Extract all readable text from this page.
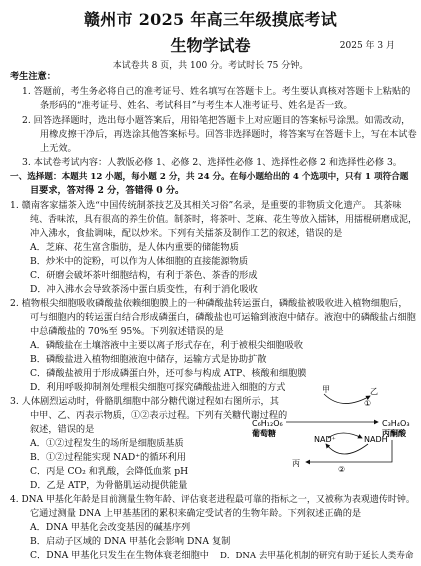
赣州市 2025 年高三年级摸底考试
生物学试卷	2025 年 3 月
本试卷共 8 页，共 100 分。考试时长 75 分钟。
考生注意：
1. 答题前，考生务必将自己的准考证号、姓名填写在答题卡上。考生要认真核对答题卡上粘贴的
条形码的“准考证号、姓名、考试科目”与考生本人准考证号、姓名是否一致。
2. 回答选择题时，选出每小题答案后，用铅笔把答题卡上对应题目的答案标号涂黑。如需改动，
用橡皮擦干净后，再选涂其他答案标号。回答非选择题时，将答案写在答题卡上，写在本试卷
上无效。
3. 本试卷考试内容：人教版必修 1、必修 2、选择性必修 1、选择性必修 2 和选择性必修 3。
一、选择题：本题共 12 小题，每小题 2 分，共 24 分。在每小题给出的 4 个选项中，只有 1 项符合题
目要求，答对得 2 分，答错得 0 分。
1. 赣南客家擂茶入选“中国传统制茶技艺及其相关习俗”名录，是重要的非物质文化遗产。 其茶味
纯、香味浓，具有很高的养生价值。制茶时，将茶叶、芝麻、花生等放入擂钵，用擂棍研磨成泥，
冲入沸水，食盐调味，配以炒米。下列有关擂茶及制作工艺的叙述，错误的是
A．芝麻、花生富含脂肪，是人体内重要的储能物质
B．炒米中的淀粉，可以作为人体细胞的直接能源物质
C．研磨会破坏茶叶细胞结构，有利于茶色、茶香的形成
D．冲入沸水会导致茶汤中蛋白质变性，有利于消化吸收
2. 植物根尖细胞吸收磷酸盐依赖细胞膜上的一种磷酸盐转运蛋白，磷酸盐被吸收进入植物细胞后，
可与细胞内的转运蛋白结合形成磷蛋白，磷酸盐也可运输到液泡中储存。液泡中的磷酸盐占细胞
中总磷酸盐的 70%至 95%。下列叙述错误的是
A．磷酸盐在土壤溶液中主要以离子形式存在，利于被根尖细胞吸收
B．磷酸盐进入植物细胞液泡中储存，运输方式是协助扩散
C．磷酸盐被用于形成磷蛋白外，还可参与构成 ATP、核酸和细胞膜
D．利用呼吸抑制剂处理根尖细胞可探究磷酸盐进入细胞的方式
3. 人体剧烈运动时，骨骼肌细胞中部分糖代谢过程如右图所示，其
中甲、乙、丙表示物质，①②表示过程。下列有关糖代谢过程的
叙述，错误的是
A．①②过程发生的场所是细胞质基质
B．①②过程能实现 NAD⁺的循环利用
C．丙是 CO₂ 和乳酸，会降低血浆 pH
D．乙是 ATP，为骨骼肌运动提供能量
C₆H₁₂O₆
葡萄糖
C₃H₄O₃
丙酮酸
甲	乙
①
NAD⁺	NADH
丙
②
4. DNA 甲基化年龄是目前测量生物年龄、评估衰老进程最可靠的指标之一，又被称为表观遗传时钟。
它通过测量 DNA 上甲基基团的累积来确定受试者的生物年龄。下列叙述正确的是
A．DNA 甲基化会改变基因的碱基序列
B．启动子区域的 DNA 甲基化会影响 DNA 复制
C．DNA 甲基化只发生在生物体衰老细胞中 D．DNA 去甲基化机制的研究有助于延长人类寿命
